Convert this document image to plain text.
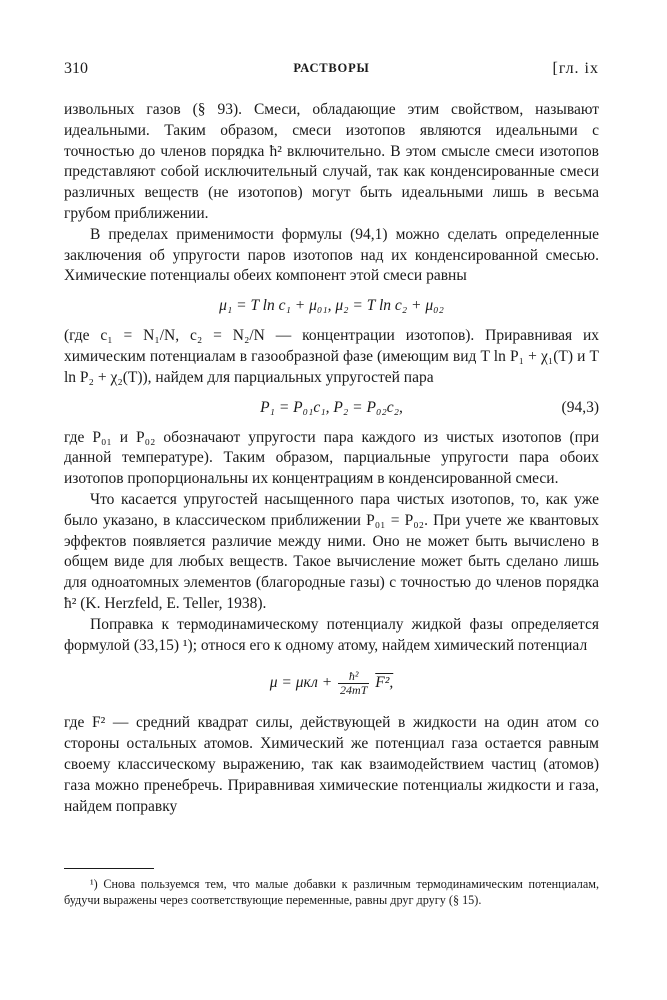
310	РАСТВОРЫ	[гл. ix

извольных газов (§ 93). Смеси, обладающие этим свойством, называют идеальными. Таким образом, смеси изотопов являются идеальными с точностью до членов порядка ħ² включительно. В этом смысле смеси изотопов представляют собой исключительный случай, так как конденсированные смеси различных веществ (не изотопов) могут быть идеальными лишь в весьма грубом приближении.

В пределах применимости формулы (94,1) можно сделать определенные заключения об упругости паров изотопов над их конденсированной смесью. Химические потенциалы обеих компонент этой смеси равны

μ₁ = T ln c₁ + μ₀₁, μ₂ = T ln c₂ + μ₀₂

(где c₁ = N₁/N, c₂ = N₂/N — концентрации изотопов). Приравнивая их химическим потенциалам в газообразной фазе (имеющим вид T ln P₁ + χ₁(T) и T ln P₂ + χ₂(T)), найдем для парциальных упругостей пара

P₁ = P₀₁c₁, P₂ = P₀₂c₂,	(94,3)

где P₀₁ и P₀₂ обозначают упругости пара каждого из чистых изотопов (при данной температуре). Таким образом, парциальные упругости пара обоих изотопов пропорциональны их концентрациям в конденсированной смеси.

Что касается упругостей насыщенного пара чистых изотопов, то, как уже было указано, в классическом приближении P₀₁ = P₀₂. При учете же квантовых эффектов появляется различие между ними. Оно не может быть вычислено в общем виде для любых веществ. Такое вычисление может быть сделано лишь для одноатомных элементов (благородные газы) с точностью до членов порядка ħ² (K. Herzfeld, E. Teller, 1938).

Поправка к термодинамическому потенциалу жидкой фазы определяется формулой (33,15) ¹); относя его к одному атому, найдем химический потенциал

$\mu = \mu кл + \frac{\text{ħ²}}{24mT} F^2$,

где F² — средний квадрат силы, действующей в жидкости на один атом со стороны остальных атомов. Химический же потенциал газа остается равным своему классическому выражению, так как взаимодействием частиц (атомов) газа можно пренебречь. Приравнивая химические потенциалы жидкости и газа, найдем поправку

¹) Снова пользуемся тем, что малые добавки к различным термодинамическим потенциалам, будучи выражены через соответствующие переменные, равны друг другу (§ 15).
